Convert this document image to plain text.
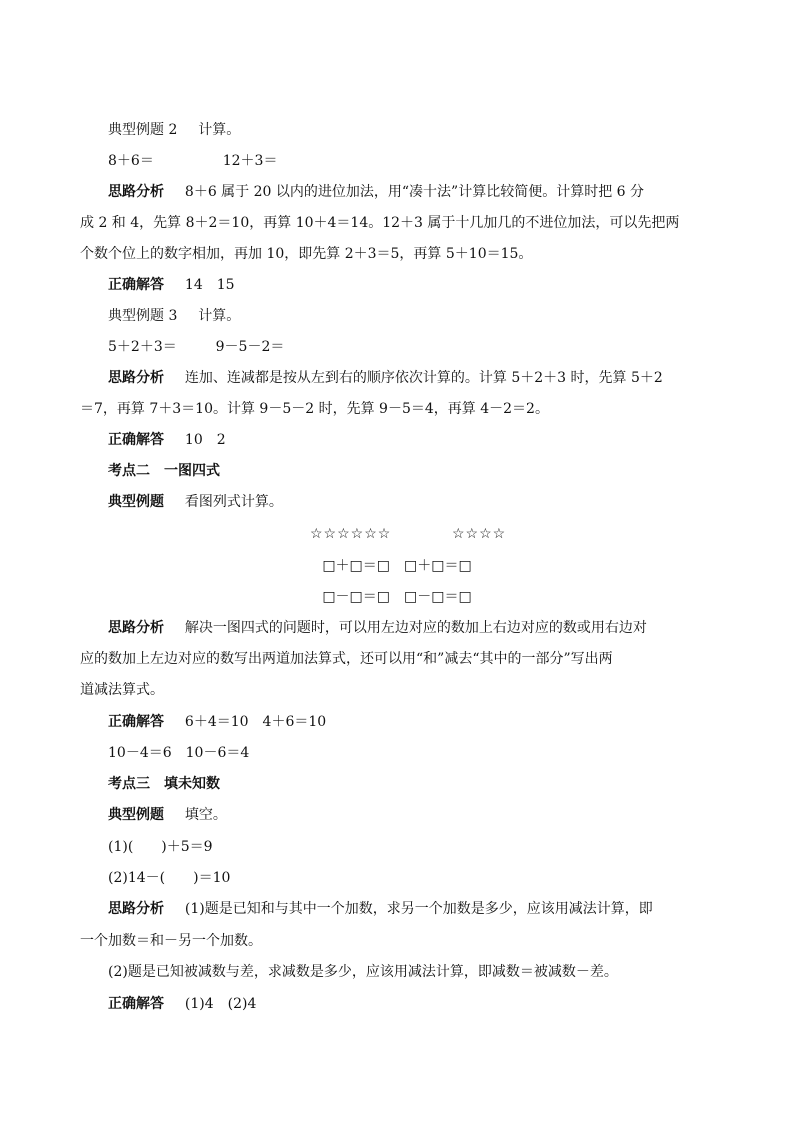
典型例题 2 计算。
8＋6＝	12＋3＝
思路分析 8＋6 属于 20 以内的进位加法，用“凑十法”计算比较简便。计算时把 6 分
成 2 和 4，先算 8＋2＝10，再算 10＋4＝14。12＋3 属于十几加几的不进位加法，可以先把两
个数个位上的数字相加，再加 10，即先算 2＋3＝5，再算 5＋10＝15。
正确解答 14　15
典型例题 3 计算。
5＋2＋3＝	9－5－2＝
思路分析 连加、连减都是按从左到右的顺序依次计算的。计算 5＋2＋3 时，先算 5＋2
＝7，再算 7＋3＝10。计算 9－5－2 时，先算 9－5＝4，再算 4－2＝2。
正确解答 10　2
考点二　一图四式
典型例题 看图列式计算。
☆☆☆☆☆☆	☆☆☆☆
□＋□＝□　□＋□＝□
□－□＝□　□－□＝□
思路分析 解决一图四式的问题时，可以用左边对应的数加上右边对应的数或用右边对
应的数加上左边对应的数写出两道加法算式，还可以用“和”减去“其中的一部分”写出两
道减法算式。
正确解答 6＋4＝10　4＋6＝10
10－4＝6　10－6＝4
考点三　填未知数
典型例题 填空。
(1)(　　)＋5＝9
(2)14－(　　)＝10
思路分析 (1)题是已知和与其中一个加数，求另一个加数是多少，应该用减法计算，即
一个加数＝和－另一个加数。
(2)题是已知被减数与差，求减数是多少，应该用减法计算，即减数＝被减数－差。
正确解答 (1)4　(2)4
